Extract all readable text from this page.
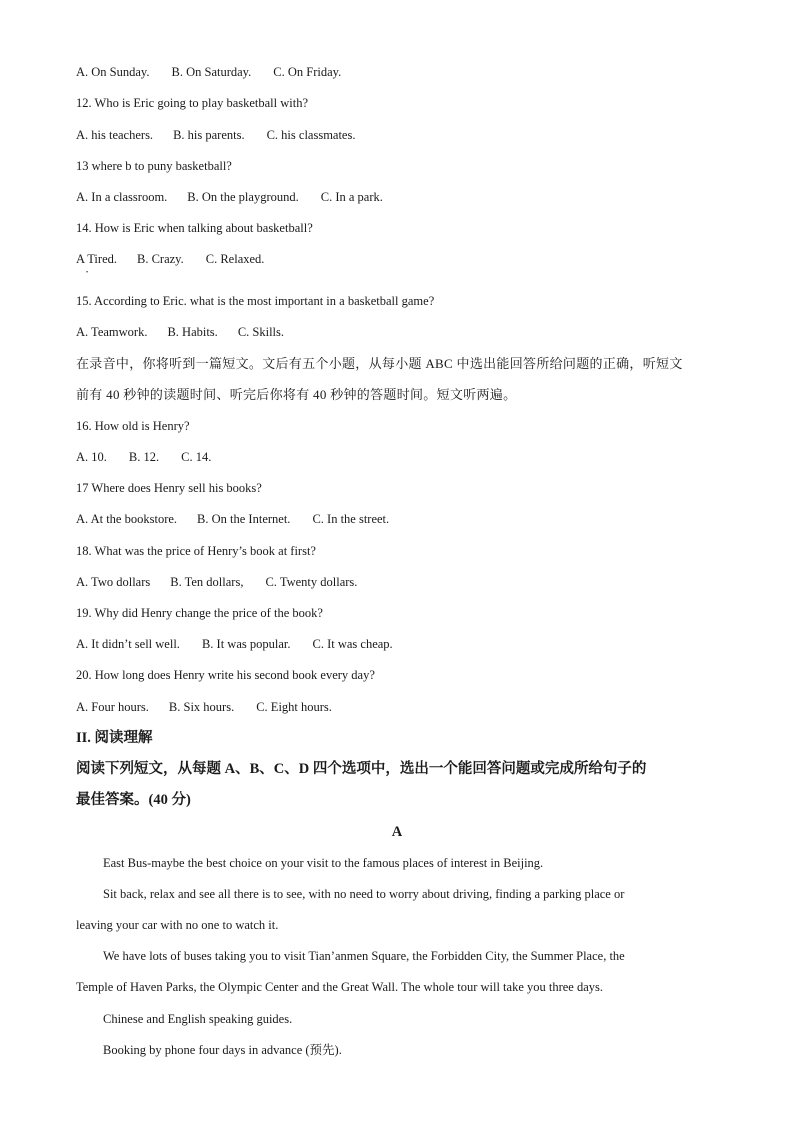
A. On Sunday. B. On Saturday. C. On Friday.
12. Who is Eric going to play basketball with?
A. his teachers. B. his parents. C. his classmates.
13 where b to puny basketball?
A. In a classroom. B. On the playground. C. In a park.
14. How is Eric when talking about basketball?
A Tired. B. Crazy. C. Relaxed.
•
15. According to Eric. what is the most important in a basketball game?
A. Teamwork. B. Habits. C. Skills.
在录音中，你将听到一篇短文。文后有五个小题，从每小题 ABC 中选出能回答所给问题的正确，听短文
前有 40 秒钟的读题时间、听完后你将有 40 秒钟的答题时间。短文听两遍。
16. How old is Henry?
A. 10. B. 12. C. 14.
17 Where does Henry sell his books?
A. At the bookstore. B. On the Internet. C. In the street.
18. What was the price of Henry’s book at first?
A. Two dollars B. Ten dollars, C. Twenty dollars.
19. Why did Henry change the price of the book?
A. It didn’t sell well. B. It was popular. C. It was cheap.
20. How long does Henry write his second book every day?
A. Four hours. B. Six hours. C. Eight hours.
II. 阅读理解
阅读下列短文，从每题 A、B、C、D 四个选项中，选出一个能回答问题或完成所给句子的
最佳答案。(40 分)
A
East Bus-maybe the best choice on your visit to the famous places of interest in Beijing.
Sit back, relax and see all there is to see, with no need to worry about driving, finding a parking place or
leaving your car with no one to watch it.
We have lots of buses taking you to visit Tian’anmen Square, the Forbidden City, the Summer Place, the
Temple of Haven Parks, the Olympic Center and the Great Wall. The whole tour will take you three days.
Chinese and English speaking guides.
Booking by phone four days in advance (预先).
